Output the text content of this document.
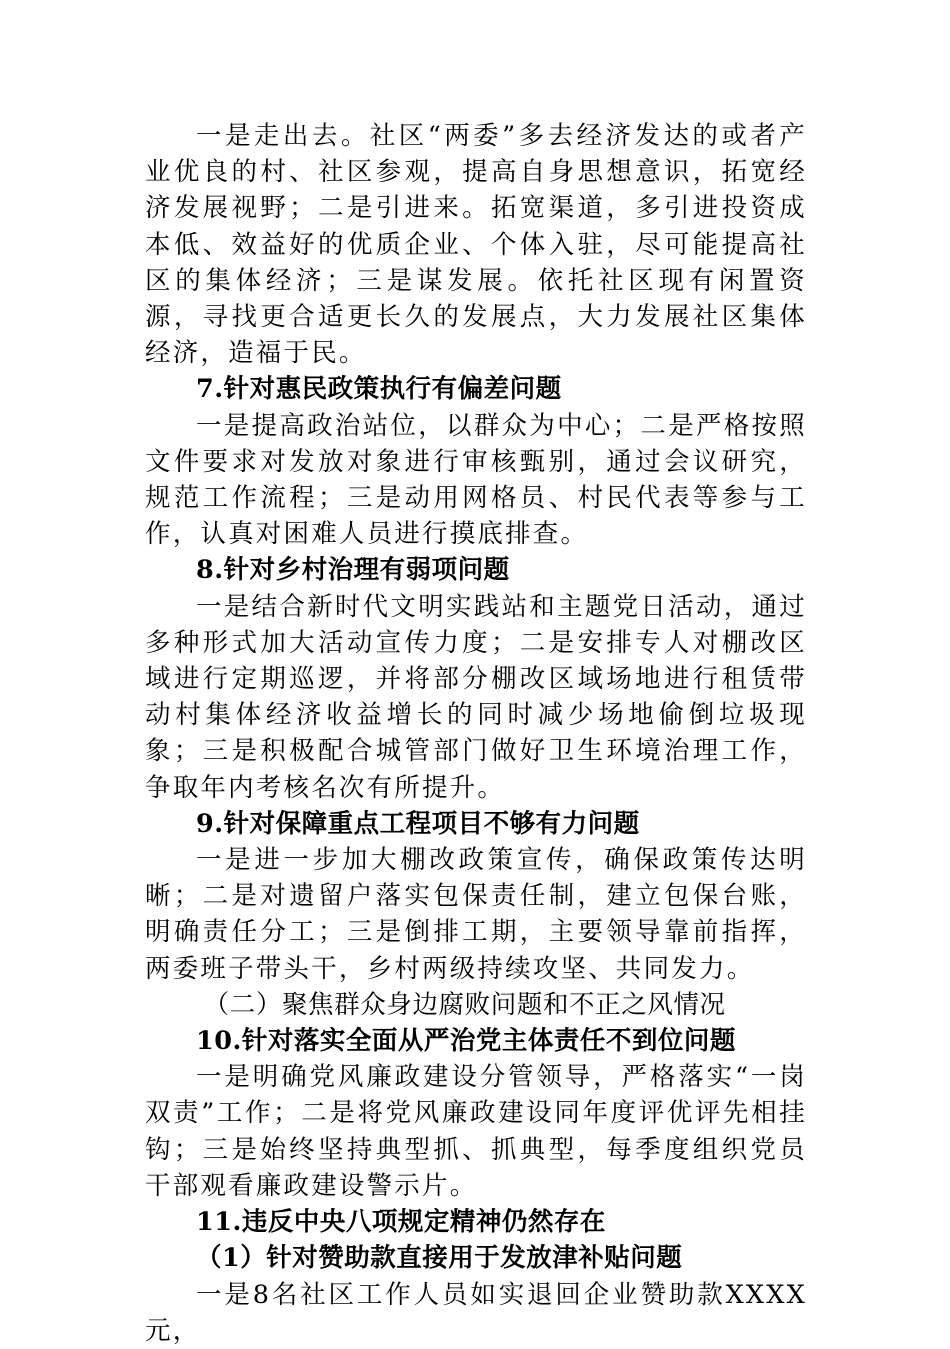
一是走出去。社区“两委”多去经济发达的或者产业优良的村、社区参观，提高自身思想意识，拓宽经济发展视野；二是引进来。拓宽渠道，多引进投资成本低、效益好的优质企业、个体入驻，尽可能提高社区的集体经济；三是谋发展。依托社区现有闲置资源，寻找更合适更长久的发展点，大力发展社区集体经济，造福于民。

7.针对惠民政策执行有偏差问题

一是提高政治站位，以群众为中心；二是严格按照文件要求对发放对象进行审核甄别，通过会议研究，规范工作流程；三是动用网格员、村民代表等参与工作，认真对困难人员进行摸底排查。

8.针对乡村治理有弱项问题

一是结合新时代文明实践站和主题党日活动，通过多种形式加大活动宣传力度；二是安排专人对棚改区域进行定期巡逻，并将部分棚改区域场地进行租赁带动村集体经济收益增长的同时减少场地偷倒垃圾现象；三是积极配合城管部门做好卫生环境治理工作，争取年内考核名次有所提升。

9.针对保障重点工程项目不够有力问题

一是进一步加大棚改政策宣传，确保政策传达明晰；二是对遗留户落实包保责任制，建立包保台账，明确责任分工；三是倒排工期，主要领导靠前指挥，两委班子带头干，乡村两级持续攻坚、共同发力。

（二）聚焦群众身边腐败问题和不正之风情况

10.针对落实全面从严治党主体责任不到位问题

一是明确党风廉政建设分管领导，严格落实“一岗双责”工作；二是将党风廉政建设同年度评优评先相挂钩；三是始终坚持典型抓、抓典型，每季度组织党员干部观看廉政建设警示片。

11.违反中央八项规定精神仍然存在

（1）针对赞助款直接用于发放津补贴问题

一是8名社区工作人员如实退回企业赞助款XXXX元，
